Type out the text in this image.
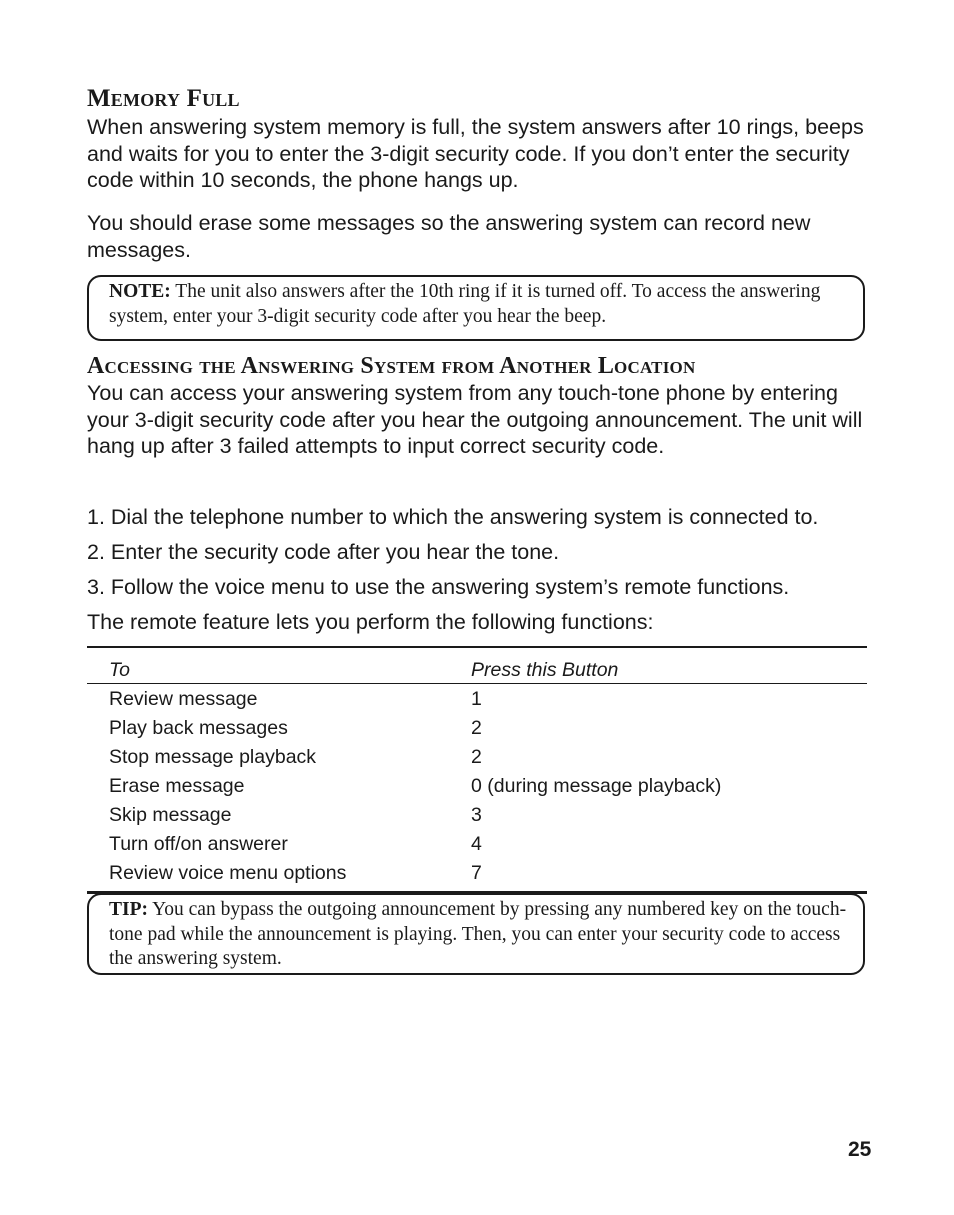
Memory Full

When answering system memory is full, the system answers after 10 rings, beeps and waits for you to enter the 3-digit security code. If you don’t enter the security code within 10 seconds, the phone hangs up.

You should erase some messages so the answering system can record new messages.

NOTE: The unit also answers after the 10th ring if it is turned off. To access the answering system, enter your 3-digit security code after you hear the beep.
Accessing the Answering System from Another Location

You can access your answering system from any touch-tone phone by entering your 3-digit security code after you hear the outgoing announcement. The unit will hang up after 3 failed attempts to input correct security code.

1. Dial the telephone number to which the answering system is connected to.
2. Enter the security code after you hear the tone.
3. Follow the voice menu to use the answering system’s remote functions.

The remote feature lets you perform the following functions:

To	Press this Button
Review message	1
Play back messages	2
Stop message playback	2
Erase message	0 (during message playback)
Skip message	3
Turn off/on answerer	4
Review voice menu options	7
TIP: You can bypass the outgoing announcement by pressing any numbered key on the touch-tone pad while the announcement is playing. Then, you can enter your security code to access the answering system.
25
